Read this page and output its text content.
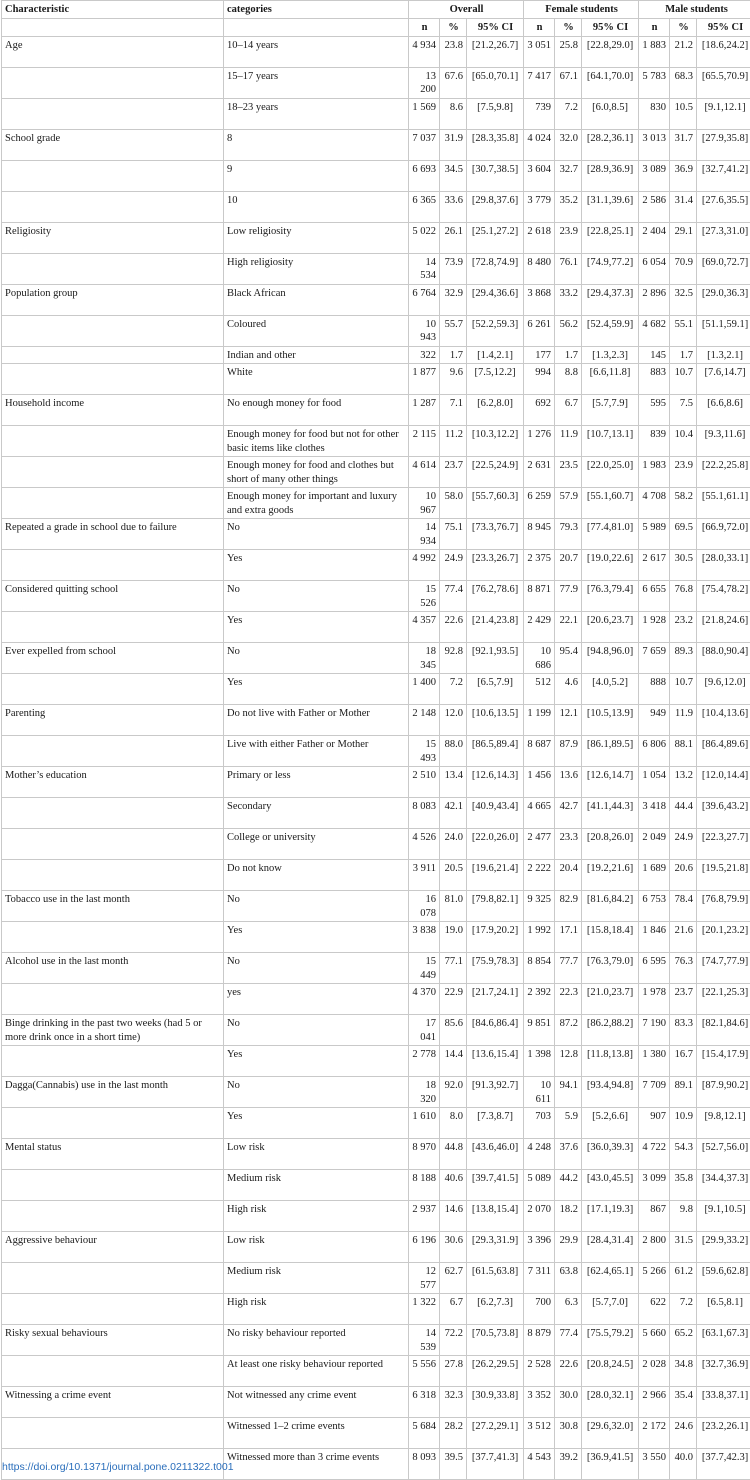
Characteristic	categories	Overall			Female students			Male students		
		n	%	95% CI	n	%	95% CI	n	%	95% CI
Age	10–14 years	4 934	23.8	[21.2,26.7]	3 051	25.8	[22.8,29.0]	1 883	21.2	[18.6,24.2]
	15–17 years	13 200	67.6	[65.0,70.1]	7 417	67.1	[64.1,70.0]	5 783	68.3	[65.5,70.9]
	18–23 years	1 569	8.6	[7.5,9.8]	739	7.2	[6.0,8.5]	830	10.5	[9.1,12.1]
School grade	8	7 037	31.9	[28.3,35.8]	4 024	32.0	[28.2,36.1]	3 013	31.7	[27.9,35.8]
	9	6 693	34.5	[30.7,38.5]	3 604	32.7	[28.9,36.9]	3 089	36.9	[32.7,41.2]
	10	6 365	33.6	[29.8,37.6]	3 779	35.2	[31.1,39.6]	2 586	31.4	[27.6,35.5]
Religiosity	Low religiosity	5 022	26.1	[25.1,27.2]	2 618	23.9	[22.8,25.1]	2 404	29.1	[27.3,31.0]
	High religiosity	14 534	73.9	[72.8,74.9]	8 480	76.1	[74.9,77.2]	6 054	70.9	[69.0,72.7]
Population group	Black African	6 764	32.9	[29.4,36.6]	3 868	33.2	[29.4,37.3]	2 896	32.5	[29.0,36.3]
	Coloured	10 943	55.7	[52.2,59.3]	6 261	56.2	[52.4,59.9]	4 682	55.1	[51.1,59.1]
	Indian and other	322	1.7	[1.4,2.1]	177	1.7	[1.3,2.3]	145	1.7	[1.3,2.1]
	White	1 877	9.6	[7.5,12.2]	994	8.8	[6.6,11.8]	883	10.7	[7.6,14.7]
Household income	No enough money for food	1 287	7.1	[6.2,8.0]	692	6.7	[5.7,7.9]	595	7.5	[6.6,8.6]
	Enough money for food but not for other basic items like clothes	2 115	11.2	[10.3,12.2]	1 276	11.9	[10.7,13.1]	839	10.4	[9.3,11.6]
	Enough money for food and clothes but short of many other things	4 614	23.7	[22.5,24.9]	2 631	23.5	[22.0,25.0]	1 983	23.9	[22.2,25.8]
	Enough money for important and luxury and extra goods	10 967	58.0	[55.7,60.3]	6 259	57.9	[55.1,60.7]	4 708	58.2	[55.1,61.1]
Repeated a grade in school due to failure	No	14 934	75.1	[73.3,76.7]	8 945	79.3	[77.4,81.0]	5 989	69.5	[66.9,72.0]
	Yes	4 992	24.9	[23.3,26.7]	2 375	20.7	[19.0,22.6]	2 617	30.5	[28.0,33.1]
Considered quitting school	No	15 526	77.4	[76.2,78.6]	8 871	77.9	[76.3,79.4]	6 655	76.8	[75.4,78.2]
	Yes	4 357	22.6	[21.4,23.8]	2 429	22.1	[20.6,23.7]	1 928	23.2	[21.8,24.6]
Ever expelled from school	No	18 345	92.8	[92.1,93.5]	10 686	95.4	[94.8,96.0]	7 659	89.3	[88.0,90.4]
	Yes	1 400	7.2	[6.5,7.9]	512	4.6	[4.0,5.2]	888	10.7	[9.6,12.0]
Parenting	Do not live with Father or Mother	2 148	12.0	[10.6,13.5]	1 199	12.1	[10.5,13.9]	949	11.9	[10.4,13.6]
	Live with either Father or Mother	15 493	88.0	[86.5,89.4]	8 687	87.9	[86.1,89.5]	6 806	88.1	[86.4,89.6]
Mother’s education	Primary or less	2 510	13.4	[12.6,14.3]	1 456	13.6	[12.6,14.7]	1 054	13.2	[12.0,14.4]
	Secondary	8 083	42.1	[40.9,43.4]	4 665	42.7	[41.1,44.3]	3 418	44.4	[39.6,43.2]
	College or university	4 526	24.0	[22.0,26.0]	2 477	23.3	[20.8,26.0]	2 049	24.9	[22.3,27.7]
	Do not know	3 911	20.5	[19.6,21.4]	2 222	20.4	[19.2,21.6]	1 689	20.6	[19.5,21.8]
Tobacco use in the last month	No	16 078	81.0	[79.8,82.1]	9 325	82.9	[81.6,84.2]	6 753	78.4	[76.8,79.9]
	Yes	3 838	19.0	[17.9,20.2]	1 992	17.1	[15.8,18.4]	1 846	21.6	[20.1,23.2]
Alcohol use in the last month	No	15 449	77.1	[75.9,78.3]	8 854	77.7	[76.3,79.0]	6 595	76.3	[74.7,77.9]
	yes	4 370	22.9	[21.7,24.1]	2 392	22.3	[21.0,23.7]	1 978	23.7	[22.1,25.3]
Binge drinking in the past two weeks (had 5 or more drink once in a short time)	No	17 041	85.6	[84.6,86.4]	9 851	87.2	[86.2,88.2]	7 190	83.3	[82.1,84.6]
	Yes	2 778	14.4	[13.6,15.4]	1 398	12.8	[11.8,13.8]	1 380	16.7	[15.4,17.9]
Dagga(Cannabis) use in the last month	No	18 320	92.0	[91.3,92.7]	10 611	94.1	[93.4,94.8]	7 709	89.1	[87.9,90.2]
	Yes	1 610	8.0	[7.3,8.7]	703	5.9	[5.2,6.6]	907	10.9	[9.8,12.1]
Mental status	Low risk	8 970	44.8	[43.6,46.0]	4 248	37.6	[36.0,39.3]	4 722	54.3	[52.7,56.0]
	Medium risk	8 188	40.6	[39.7,41.5]	5 089	44.2	[43.0,45.5]	3 099	35.8	[34.4,37.3]
	High risk	2 937	14.6	[13.8,15.4]	2 070	18.2	[17.1,19.3]	867	9.8	[9.1,10.5]
Aggressive behaviour	Low risk	6 196	30.6	[29.3,31.9]	3 396	29.9	[28.4,31.4]	2 800	31.5	[29.9,33.2]
	Medium risk	12 577	62.7	[61.5,63.8]	7 311	63.8	[62.4,65.1]	5 266	61.2	[59.6,62.8]
	High risk	1 322	6.7	[6.2,7.3]	700	6.3	[5.7,7.0]	622	7.2	[6.5,8.1]
Risky sexual behaviours	No risky behaviour reported	14 539	72.2	[70.5,73.8]	8 879	77.4	[75.5,79.2]	5 660	65.2	[63.1,67.3]
	At least one risky behaviour reported	5 556	27.8	[26.2,29.5]	2 528	22.6	[20.8,24.5]	2 028	34.8	[32.7,36.9]
Witnessing a crime event	Not witnessed any crime event	6 318	32.3	[30.9,33.8]	3 352	30.0	[28.0,32.1]	2 966	35.4	[33.8,37.1]
	Witnessed 1–2 crime events	5 684	28.2	[27.2,29.1]	3 512	30.8	[29.6,32.0]	2 172	24.6	[23.2,26.1]
	Witnessed more than 3 crime events	8 093	39.5	[37.7,41.3]	4 543	39.2	[36.9,41.5]	3 550	40.0	[37.7,42.3]
https://doi.org/10.1371/journal.pone.0211322.t001
